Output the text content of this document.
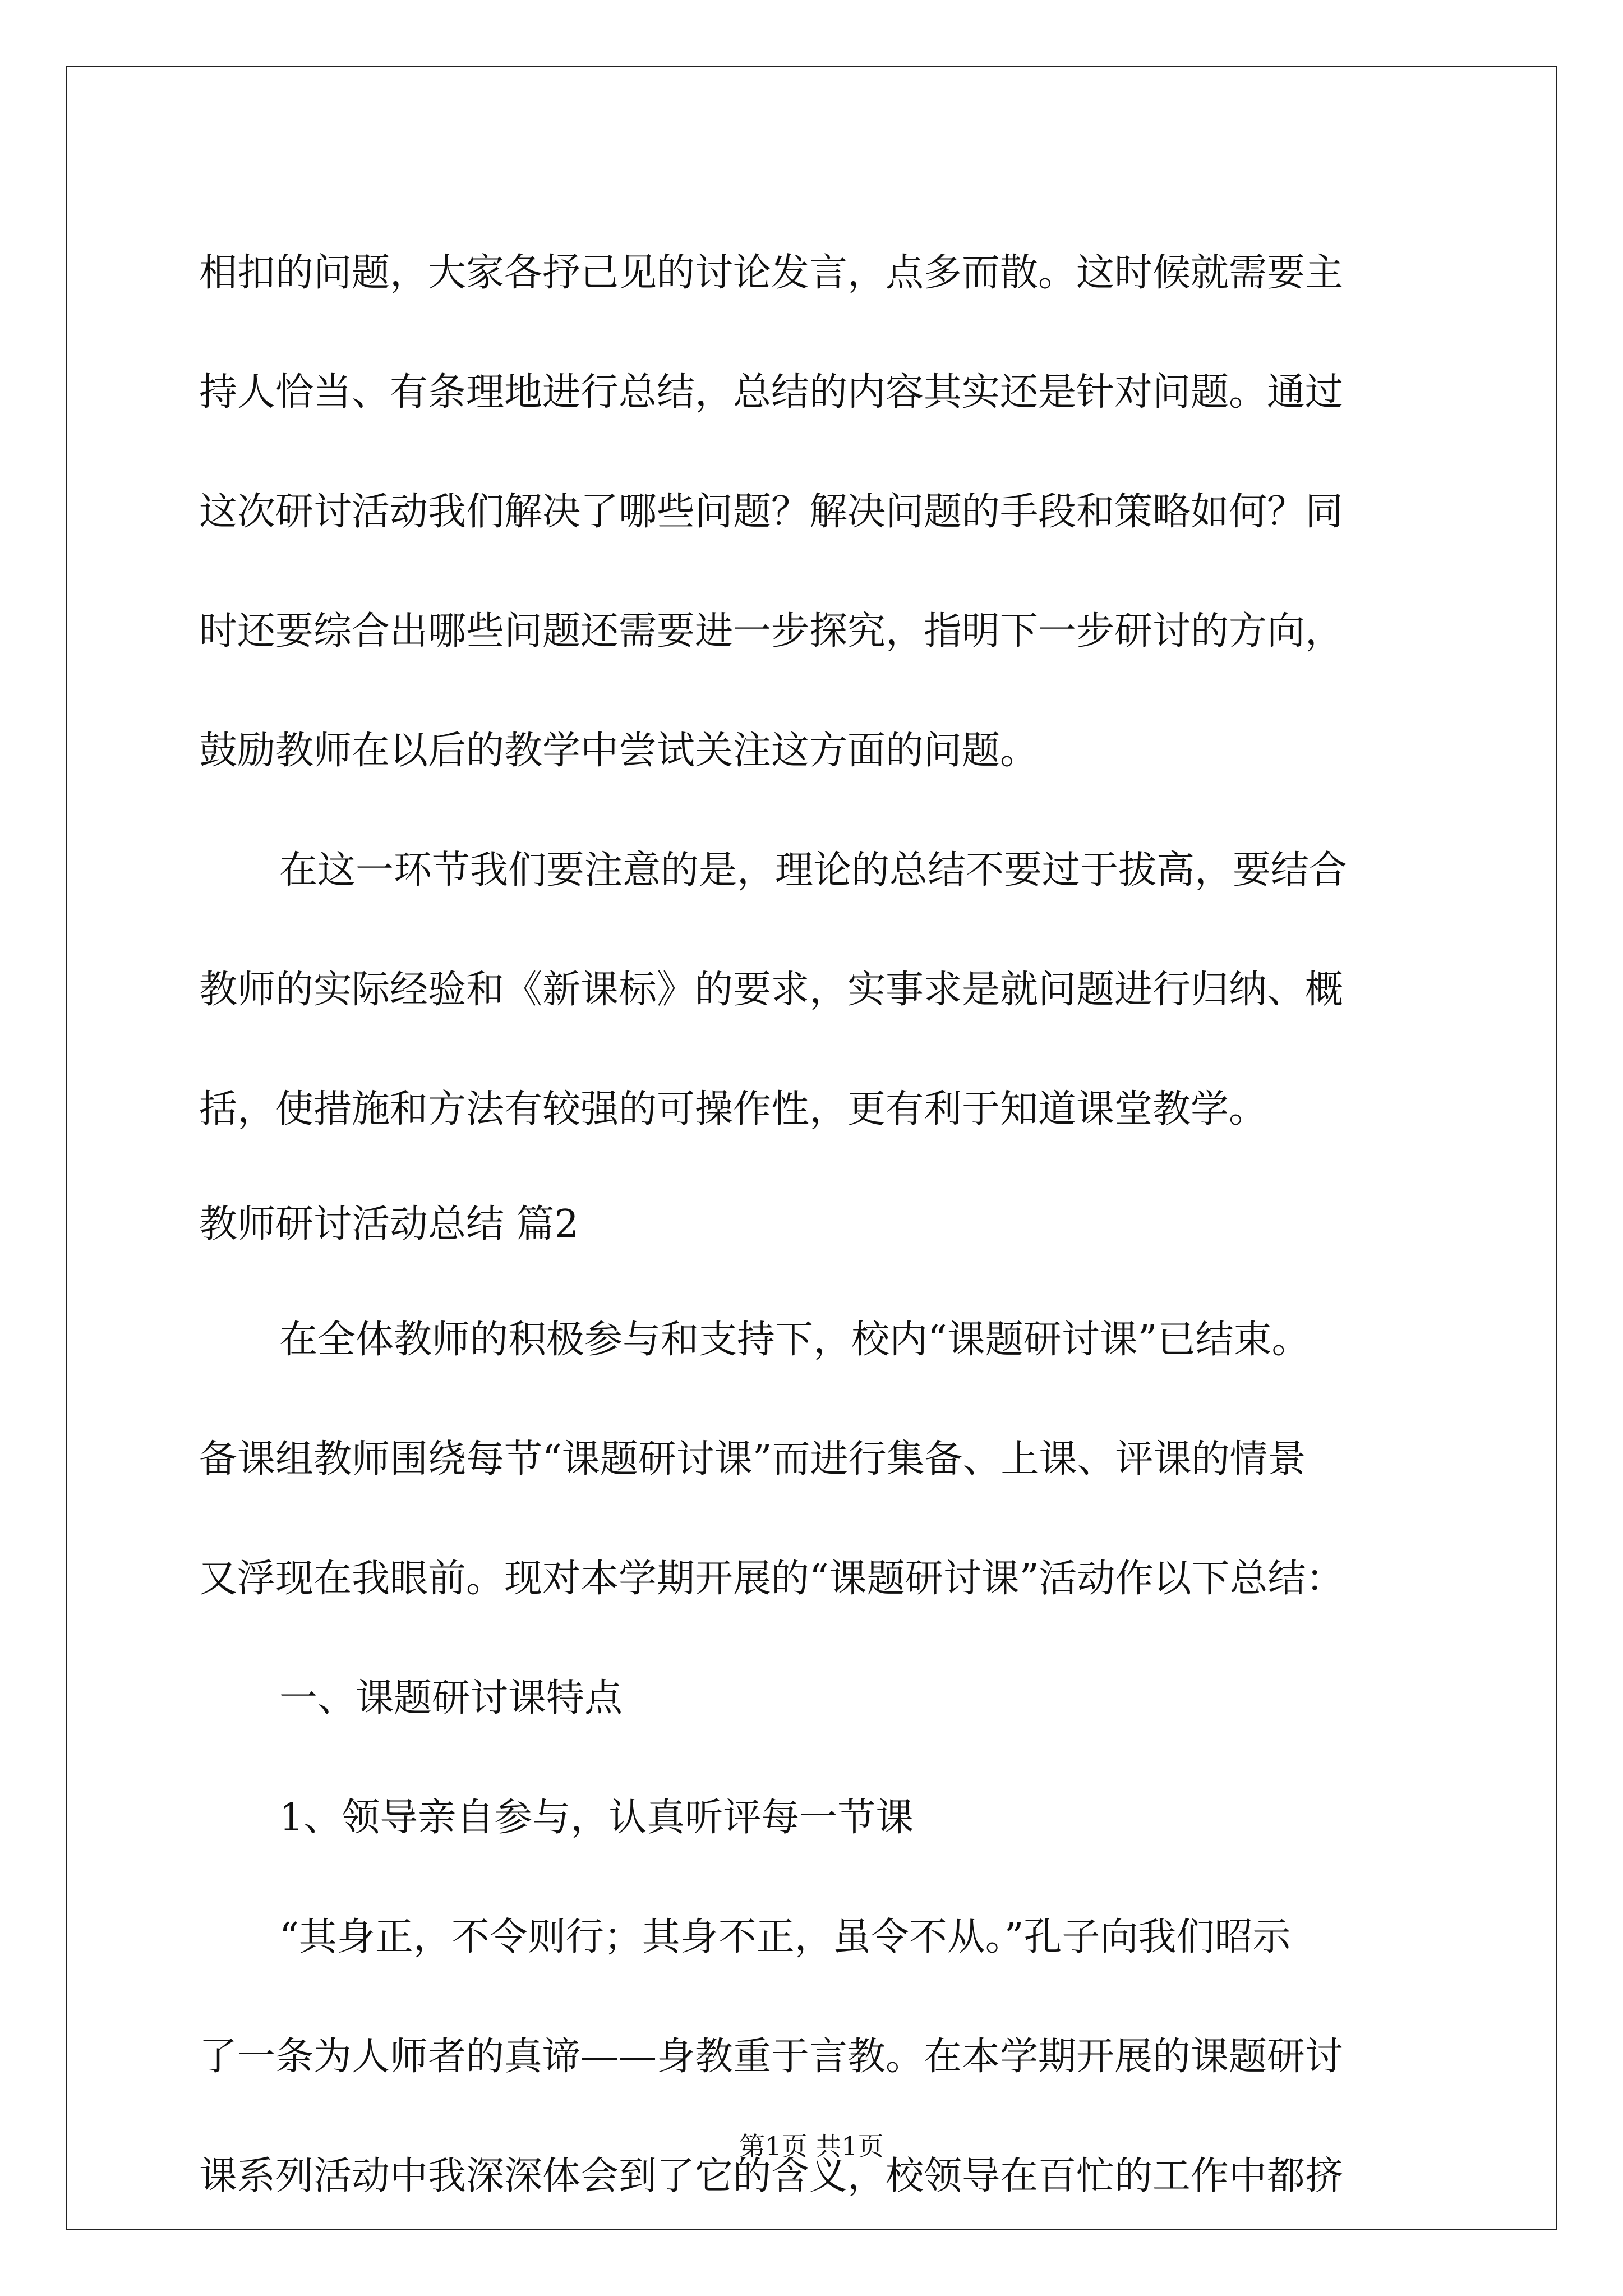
相扣的问题，大家各抒己见的讨论发言，点多而散。这时候就需要主

持人恰当、有条理地进行总结，总结的内容其实还是针对问题。通过

这次研讨活动我们解决了哪些问题？解决问题的手段和策略如何？同

时还要综合出哪些问题还需要进一步探究，指明下一步研讨的方向，

鼓励教师在以后的教学中尝试关注这方面的问题。

在这一环节我们要注意的是，理论的总结不要过于拔高，要结合

教师的实际经验和《新课标》的要求，实事求是就问题进行归纳、概

括，使措施和方法有较强的可操作性，更有利于知道课堂教学。

教师研讨活动总结 篇2

在全体教师的积极参与和支持下，校内“课题研讨课”已结束。

备课组教师围绕每节“课题研讨课”而进行集备、上课、评课的情景

又浮现在我眼前。现对本学期开展的“课题研讨课”活动作以下总结：

一、课题研讨课特点

1、领导亲自参与，认真听评每一节课

“其身正，不令则行；其身不正，虽令不从。”孔子向我们昭示

了一条为人师者的真谛——身教重于言教。在本学期开展的课题研讨

课系列活动中我深深体会到了它的含义，校领导在百忙的工作中都挤

第1页 共1页
